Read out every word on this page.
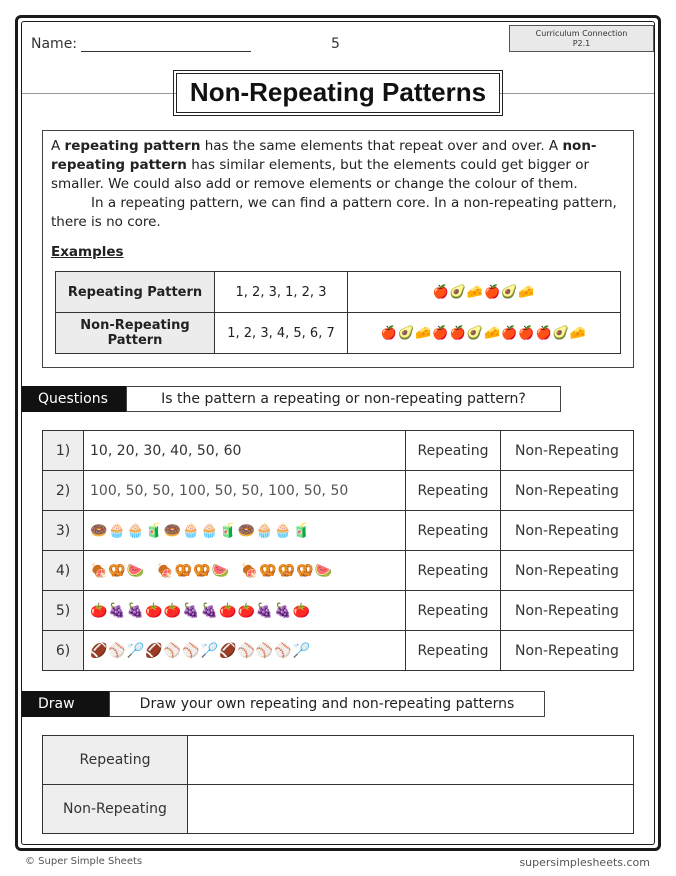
Name:	5
Curriculum Connection
P2.1
Non-Repeating Patterns

A repeating pattern has the same elements that repeat over and over. A non-repeating pattern has similar elements, but the elements could get bigger or smaller. We could also add or remove elements or change the colour of them.

In a repeating pattern, we can find a pattern core. In a non-repeating pattern, there is no core.

Examples
Repeating Pattern	1, 2, 3, 1, 2, 3	🍎🥑🧀🍎🥑🧀
Non-Repeating Pattern	1, 2, 3, 4, 5, 6, 7	🍎🥑🧀🍎🍎🥑🧀🍎🍎🍎🥑🧀
Questions	Is the pattern a repeating or non-repeating pattern?
1)	10, 20, 30, 40, 50, 60	Repeating	Non-Repeating
2)	100, 50, 50, 100, 50, 50, 100, 50, 50	Repeating	Non-Repeating
3)	🍩🧁🧁🧃🍩🧁🧁🧃🍩🧁🧁🧃	Repeating	Non-Repeating
4)	🍖🥨🍉  🍖🥨🥨🍉  🍖🥨🥨🥨🍉	Repeating	Non-Repeating
5)	🍅🍇🍇🍅🍅🍇🍇🍅🍅🍇🍇🍅	Repeating	Non-Repeating
6)	🏈⚾🏸🏈⚾⚾🏸🏈⚾⚾⚾🏸	Repeating	Non-Repeating
Draw	Draw your own repeating and non-repeating patterns
Repeating	
Non-Repeating	
© Super Simple Sheets	supersimplesheets.com
